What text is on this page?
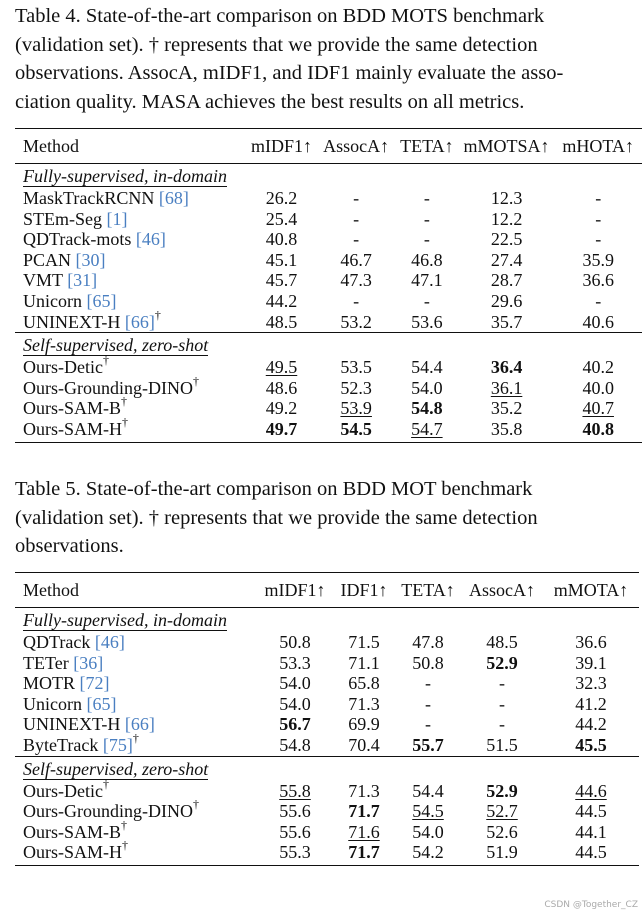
Table 4. State-of-the-art comparison on BDD MOTS benchmark
(validation set). † represents that we provide the same detection
observations. AssocA, mIDF1, and IDF1 mainly evaluate the asso-
ciation quality. MASA achieves the best results on all metrics.
Method	mIDF1↑	AssocA↑	TETA↑	mMOTSA↑	mHOTA↑
Fully-supervised, in-domain					
MaskTrackRCNN [68]	26.2	-	-	12.3	-
STEm-Seg [1]	25.4	-	-	12.2	-
QDTrack-mots [46]	40.8	-	-	22.5	-
PCAN [30]	45.1	46.7	46.8	27.4	35.9
VMT [31]	45.7	47.3	47.1	28.7	36.6
Unicorn [65]	44.2	-	-	29.6	-
UNINEXT-H [66]†	48.5	53.2	53.6	35.7	40.6
Self-supervised, zero-shot					
Ours-Detic†	49.5	53.5	54.4	36.4	40.2
Ours-Grounding-DINO†	48.6	52.3	54.0	36.1	40.0
Ours-SAM-B†	49.2	53.9	54.8	35.2	40.7
Ours-SAM-H†	49.7	54.5	54.7	35.8	40.8
Table 5. State-of-the-art comparison on BDD MOT benchmark
(validation set). † represents that we provide the same detection
observations.
Method	mIDF1↑	IDF1↑	TETA↑	AssocA↑	mMOTA↑
Fully-supervised, in-domain					
QDTrack [46]	50.8	71.5	47.8	48.5	36.6
TETer [36]	53.3	71.1	50.8	52.9	39.1
MOTR [72]	54.0	65.8	-	-	32.3
Unicorn [65]	54.0	71.3	-	-	41.2
UNINEXT-H [66]	56.7	69.9	-	-	44.2
ByteTrack [75]†	54.8	70.4	55.7	51.5	45.5
Self-supervised, zero-shot					
Ours-Detic†	55.8	71.3	54.4	52.9	44.6
Ours-Grounding-DINO†	55.6	71.7	54.5	52.7	44.5
Ours-SAM-B†	55.6	71.6	54.0	52.6	44.1
Ours-SAM-H†	55.3	71.7	54.2	51.9	44.5
CSDN @Together_CZ
